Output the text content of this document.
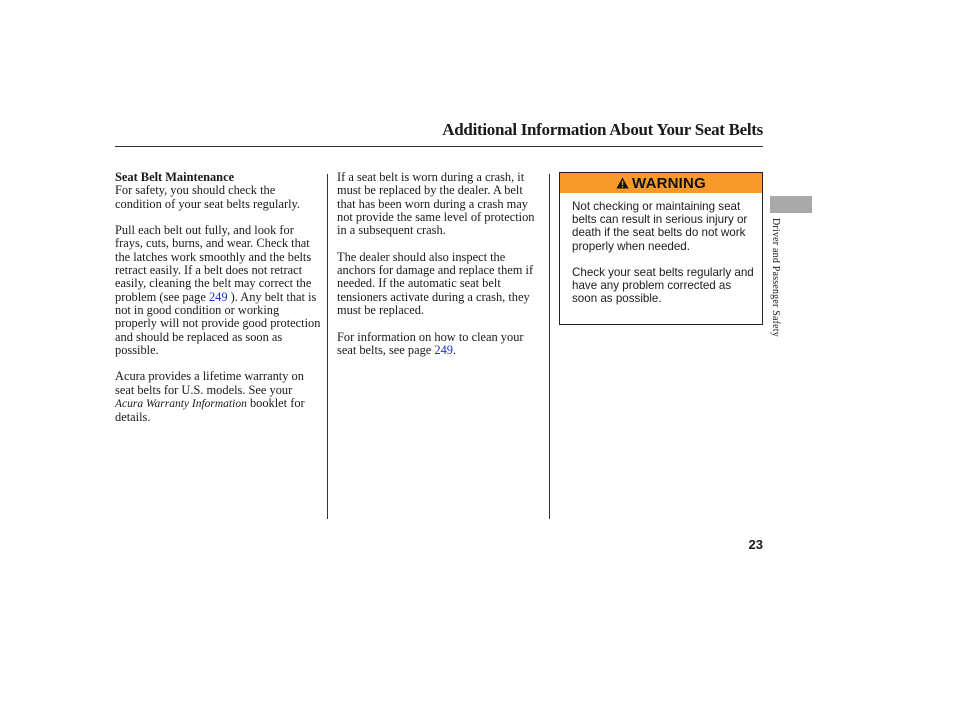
Additional Information About Your Seat Belts

Seat Belt Maintenance
For safety, you should check the condition of your seat belts regularly.

Pull each belt out fully, and look for frays, cuts, burns, and wear. Check that the latches work smoothly and the belts retract easily. If a belt does not retract easily, cleaning the belt may correct the problem (see page 249 ). Any belt that is not in good condition or working properly will not provide good protection and should be replaced as soon as possible.

Acura provides a lifetime warranty on seat belts for U.S. models. See your Acura Warranty Information booklet for details.

If a seat belt is worn during a crash, it must be replaced by the dealer. A belt that has been worn during a crash may not provide the same level of protection in a subsequent crash.

The dealer should also inspect the anchors for damage and replace them if needed. If the automatic seat belt tensioners activate during a crash, they must be replaced.

For information on how to clean your seat belts, see page 249.

WARNING

Not checking or maintaining seat belts can result in serious injury or death if the seat belts do not work properly when needed.

Check your seat belts regularly and have any problem corrected as soon as possible.	Driver and Passenger Safety
23
